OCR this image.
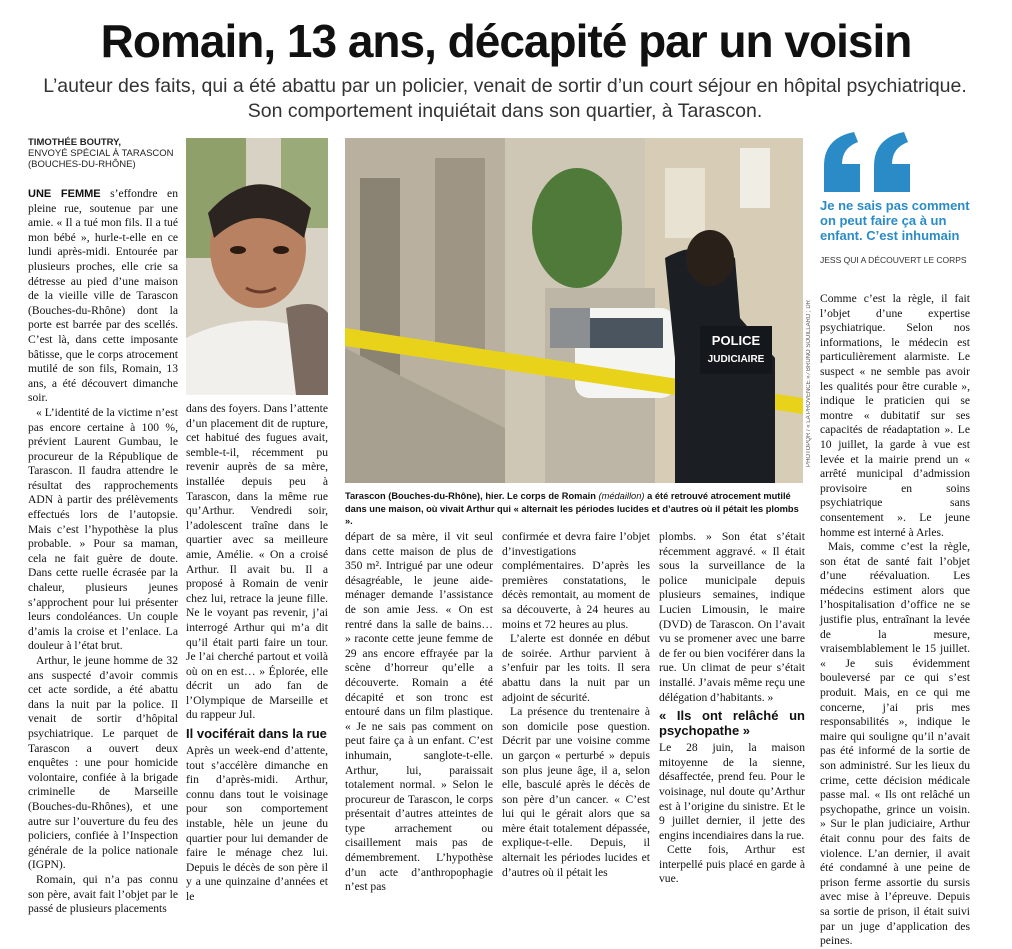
Romain, 13 ans, décapité par un voisin
L’auteur des faits, qui a été abattu par un policier, venait de sortir d’un court séjour en hôpital psychiatrique. Son comportement inquiétait dans son quartier, à Tarascon.
TIMOTHÉE BOUTRY,
ENVOYÉ SPÉCIAL À TARASCON (BOUCHES-DU-RHÔNE)

UNE FEMME s’effondre en pleine rue, soutenue par une amie. « Il a tué mon fils. Il a tué mon bébé », hurle-t-elle en ce lundi après-midi. Entourée par plusieurs proches, elle crie sa détresse au pied d’une maison de la vieille ville de Tarascon (Bouches-du-Rhône) dont la porte est barrée par des scellés. C’est là, dans cette imposante bâtisse, que le corps atrocement mutilé de son fils, Romain, 13 ans, a été découvert dimanche soir.

« L’identité de la victime n’est pas encore certaine à 100 %, prévient Laurent Gumbau, le procureur de la République de Tarascon. Il faudra attendre le résultat des rapprochements ADN à partir des prélèvements effectués lors de l’autopsie. Mais c’est l’hypothèse la plus probable. » Pour sa maman, cela ne fait guère de doute. Dans cette ruelle écrasée par la chaleur, plusieurs jeunes s’approchent pour lui présenter leurs condoléances. Un couple d’amis la croise et l’enlace. La douleur à l’état brut.

Arthur, le jeune homme de 32 ans suspecté d’avoir commis cet acte sordide, a été abattu dans la nuit par la police. Il venait de sortir d’hôpital psychiatrique. Le parquet de Tarascon a ouvert deux enquêtes : une pour homicide volontaire, confiée à la brigade criminelle de Marseille (Bouches-du-Rhônes), et une autre sur l’ouverture du feu des policiers, confiée à l’Inspection générale de la police nationale (IGPN).

Romain, qui n’a pas connu son père, avait fait l’objet par le passé de plusieurs placements

dans des foyers. Dans l’attente d’un placement dit de rupture, cet habitué des fugues avait, semble-t-il, récemment pu revenir auprès de sa mère, installée depuis peu à Tarascon, dans la même rue qu’Arthur. Vendredi soir, l’adolescent traîne dans le quartier avec sa meilleure amie, Amélie. « On a croisé Arthur. Il avait bu. Il a proposé à Romain de venir chez lui, retrace la jeune fille. Ne le voyant pas revenir, j’ai interrogé Arthur qui m’a dit qu’il était parti faire un tour. Je l’ai cherché partout et voilà où on en est… » Éplorée, elle décrit un ado fan de l’Olympique de Marseille et du rappeur Jul.

Il vociférait dans la rue

Après un week-end d’attente, tout s’accélère dimanche en fin d’après-midi. Arthur, connu dans tout le voisinage pour son comportement instable, hèle un jeune du quartier pour lui demander de faire le ménage chez lui. Depuis le décès de son père il y a une quinzaine d’années et le

POLICE
JUDICIAIRE	PHOTOPQR / « LA PROVENCE » ⁄ BRUNO SOUILLARD ; DR
Tarascon (Bouches-du-Rhône), hier. Le corps de Romain (médaillon) a été retrouvé atrocement mutilé dans une maison, où vivait Arthur qui « alternait les périodes lucides et d’autres où il pétait les plombs ».

départ de sa mère, il vit seul dans cette maison de plus de 350 m². Intrigué par une odeur désagréable, le jeune aide-ménager demande l’assistance de son amie Jess. « On est rentré dans la salle de bains… » raconte cette jeune femme de 29 ans encore effrayée par la scène d’horreur qu’elle a découverte. Romain a été décapité et son tronc est entouré dans un film plastique. « Je ne sais pas comment on peut faire ça à un enfant. C’est inhumain, sanglote-t-elle. Arthur, lui, paraissait totalement normal. » Selon le procureur de Tarascon, le corps présentait d’autres atteintes de type arrachement ou cisaillement mais pas de démembrement. L’hypothèse d’un acte d’anthropophagie n’est pas

confirmée et devra faire l’objet d’investigations complémentaires. D’après les premières constatations, le décès remontait, au moment de sa découverte, à 24 heures au moins et 72 heures au plus.

L’alerte est donnée en début de soirée. Arthur parvient à s’enfuir par les toits. Il sera abattu dans la nuit par un adjoint de sécurité.

La présence du trentenaire à son domicile pose question. Décrit par une voisine comme un garçon « perturbé » depuis son plus jeune âge, il a, selon elle, basculé après le décès de son père d’un cancer. « C’est lui qui le gérait alors que sa mère était totalement dépassée, explique-t-elle. Depuis, il alternait les périodes lucides et d’autres où il pétait les

plombs. » Son état s’était récemment aggravé. « Il était sous la surveillance de la police municipale depuis plusieurs semaines, indique Lucien Limousin, le maire (DVD) de Tarascon. On l’avait vu se promener avec une barre de fer ou bien vociférer dans la rue. Un climat de peur s’était installé. J’avais même reçu une délégation d’habitants. »

« Ils ont relâché un psychopathe »

Le 28 juin, la maison mitoyenne de la sienne, désaffectée, prend feu. Pour le voisinage, nul doute qu’Arthur est à l’origine du sinistre. Et le 9 juillet dernier, il jette des engins incendiaires dans la rue.

Cette fois, Arthur est interpellé puis placé en garde à vue.

Je ne sais pas comment on peut faire ça à un enfant. C’est inhumain
JESS QUI A DÉCOUVERT LE CORPS

Comme c’est la règle, il fait l’objet d’une expertise psychiatrique. Selon nos informations, le médecin est particulièrement alarmiste. Le suspect « ne semble pas avoir les qualités pour être curable », indique le praticien qui se montre « dubitatif sur ses capacités de réadaptation ». Le 10 juillet, la garde à vue est levée et la mairie prend un « arrêté municipal d’admission provisoire en soins psychiatrique sans consentement ». Le jeune homme est interné à Arles.

Mais, comme c’est la règle, son état de santé fait l’objet d’une réévaluation. Les médecins estiment alors que l’hospitalisation d’office ne se justifie plus, entraînant la levée de la mesure, vraisemblablement le 15 juillet. « Je suis évidemment bouleversé par ce qui s’est produit. Mais, en ce qui me concerne, j’ai pris mes responsabilités », indique le maire qui souligne qu’il n’avait pas été informé de la sortie de son administré. Sur les lieux du crime, cette décision médicale passe mal. « Ils ont relâché un psychopathe, grince un voisin. » Sur le plan judiciaire, Arthur était connu pour des faits de violence. L’an dernier, il avait été condamné à une peine de prison ferme assortie du sursis avec mise à l’épreuve. Depuis sa sortie de prison, il était suivi par un juge d’application des peines.
